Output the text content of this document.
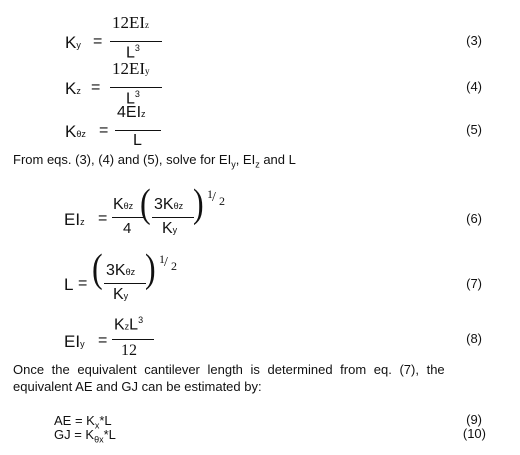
Ky =
12EIz
$L^3$	(3)
Kz =
12EIy
$L^3$	(4)
Kθz =
4EIz
L
(5)
From eqs. (3), (4) and (5), solve for $EI_y$, $EI_z$ and L
EIz =
Kθz
4
( 3Kθz
Ky
) 1 / 2
(6)
L = ( 3Kθz
Ky
) 1 / 2
(7)
EIy =
KzL$^3$
12
(8)
Once the equivalent cantilever length is determined from eq. (7), the
equivalent AE and GJ can be estimated by:
AE = $K_x*L$	(9)
GJ = $K_{\theta x}*L$	(10)
